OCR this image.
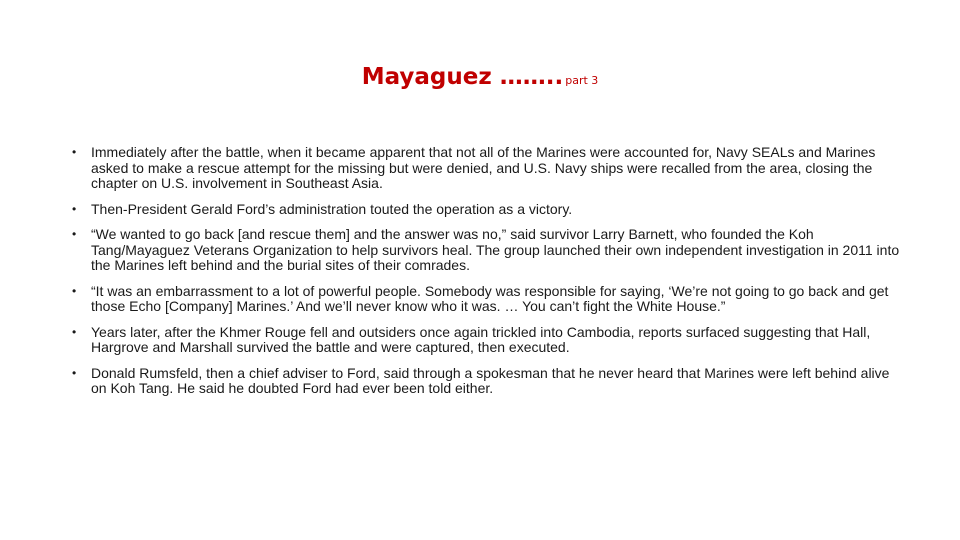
Mayaguez …….. part 3
• Immediately after the battle, when it became apparent that not all of the Marines were accounted for, Navy SEALs and Marines asked to make a rescue attempt for the missing but were denied, and U.S. Navy ships were recalled from the area, closing the chapter on U.S. involvement in Southeast Asia.
• Then-President Gerald Ford’s administration touted the operation as a victory.
• “We wanted to go back [and rescue them] and the answer was no,” said survivor Larry Barnett, who founded the Koh Tang/Mayaguez Veterans Organization to help survivors heal. The group launched their own independent investigation in 2011 into the Marines left behind and the burial sites of their comrades.
• “It was an embarrassment to a lot of powerful people. Somebody was responsible for saying, ‘We’re not going to go back and get those Echo [Company] Marines.’ And we’ll never know who it was. … You can’t fight the White House.”
• Years later, after the Khmer Rouge fell and outsiders once again trickled into Cambodia, reports surfaced suggesting that Hall, Hargrove and Marshall survived the battle and were captured, then executed.
• Donald Rumsfeld, then a chief adviser to Ford, said through a spokesman that he never heard that Marines were left behind alive on Koh Tang. He said he doubted Ford had ever been told either.
